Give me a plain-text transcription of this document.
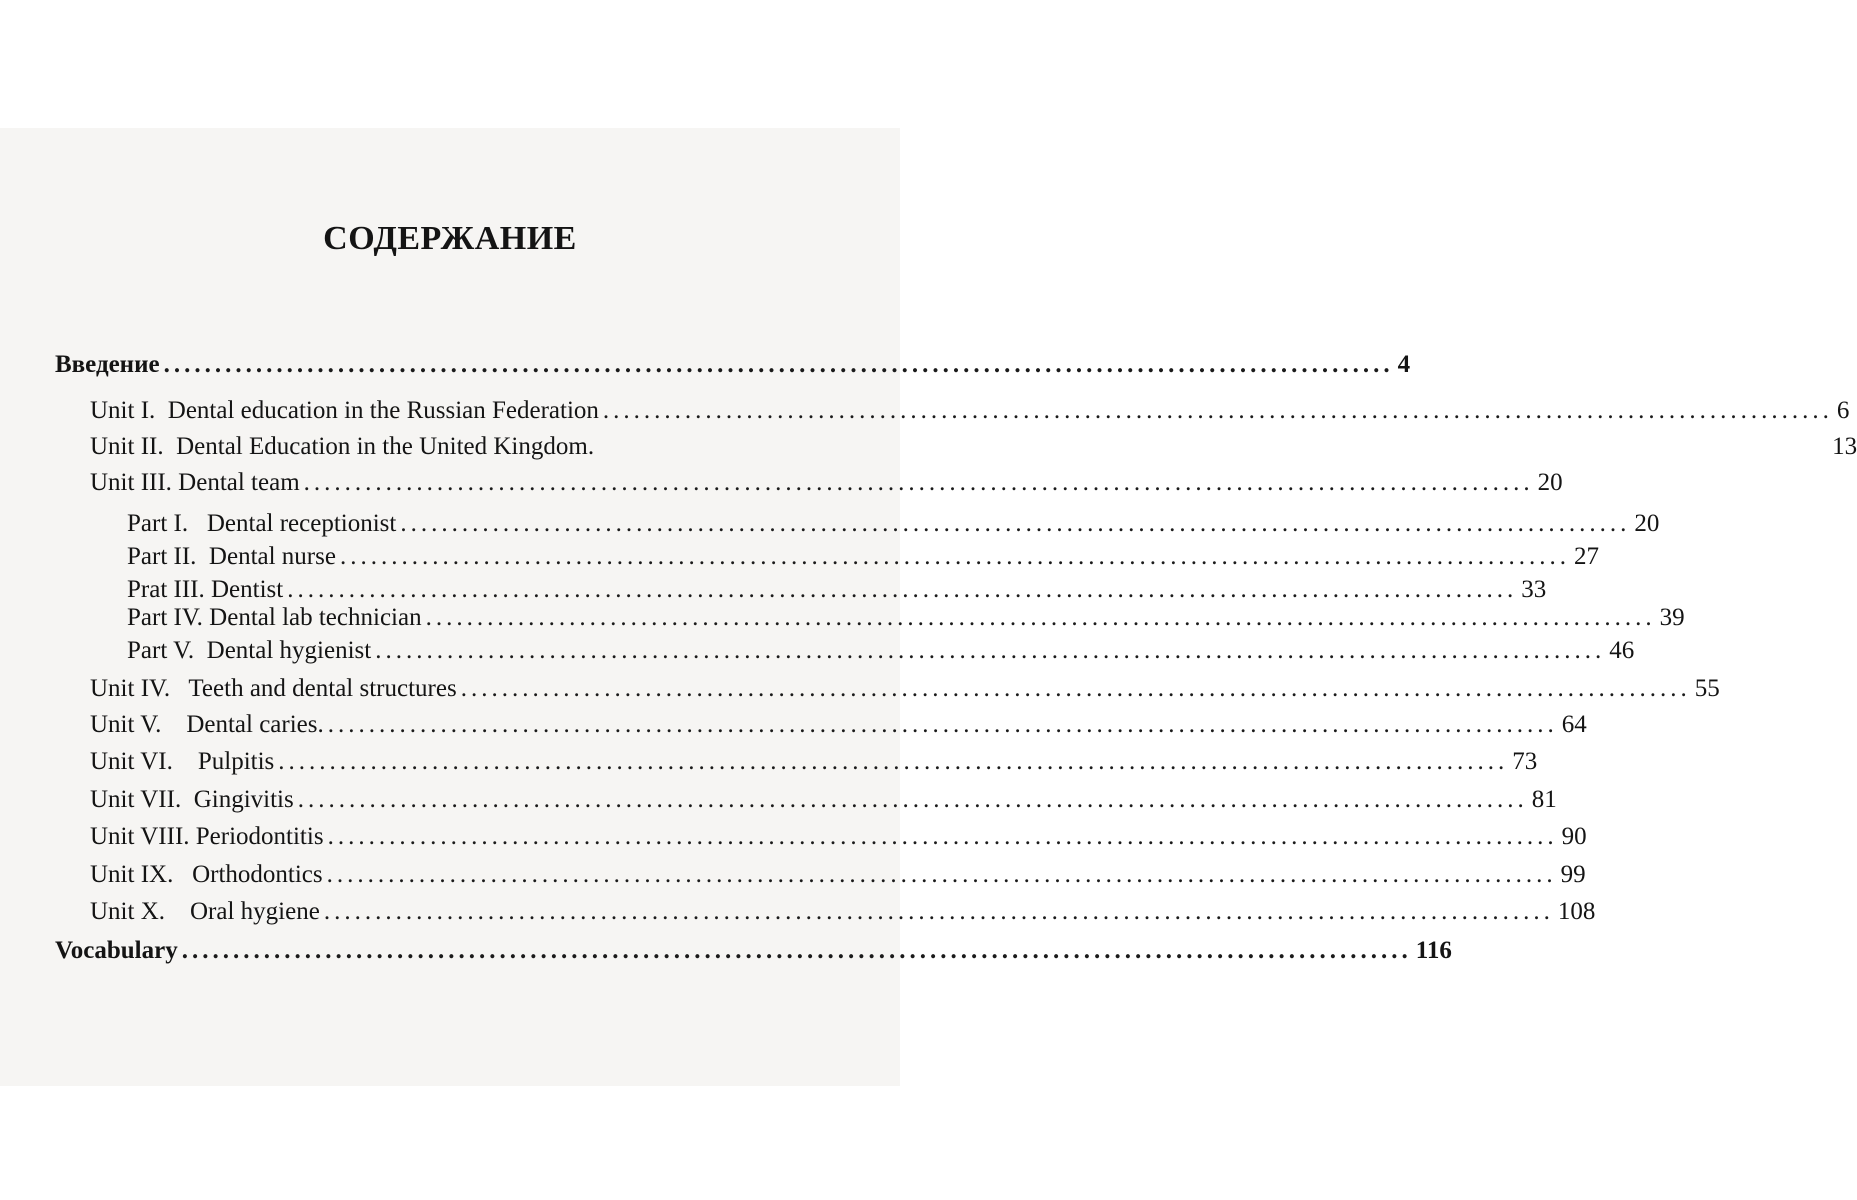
СОДЕРЖАНИЕ
Введение ........................................................................................................................ 4
Unit I.  Dental education in the Russian Federation ........................................................................................................................ 6
Unit II.  Dental Education in the United Kingdom.	13
Unit III. Dental team ........................................................................................................................ 20
Part I.   Dental receptionist ........................................................................................................................ 20
Part II.  Dental nurse ........................................................................................................................ 27
Prat III. Dentist ........................................................................................................................ 33
Part IV. Dental lab technician ........................................................................................................................ 39
Part V.  Dental hygienist ........................................................................................................................ 46
Unit IV.   Teeth and dental structures ........................................................................................................................ 55
Unit V.    Dental caries. ........................................................................................................................ 64
Unit VI.    Pulpitis ........................................................................................................................ 73
Unit VII.  Gingivitis ........................................................................................................................ 81
Unit VIII. Periodontitis ........................................................................................................................ 90
Unit IX.   Orthodontics ........................................................................................................................ 99
Unit X.    Oral hygiene ........................................................................................................................ 108
Vocabulary ........................................................................................................................ 116
